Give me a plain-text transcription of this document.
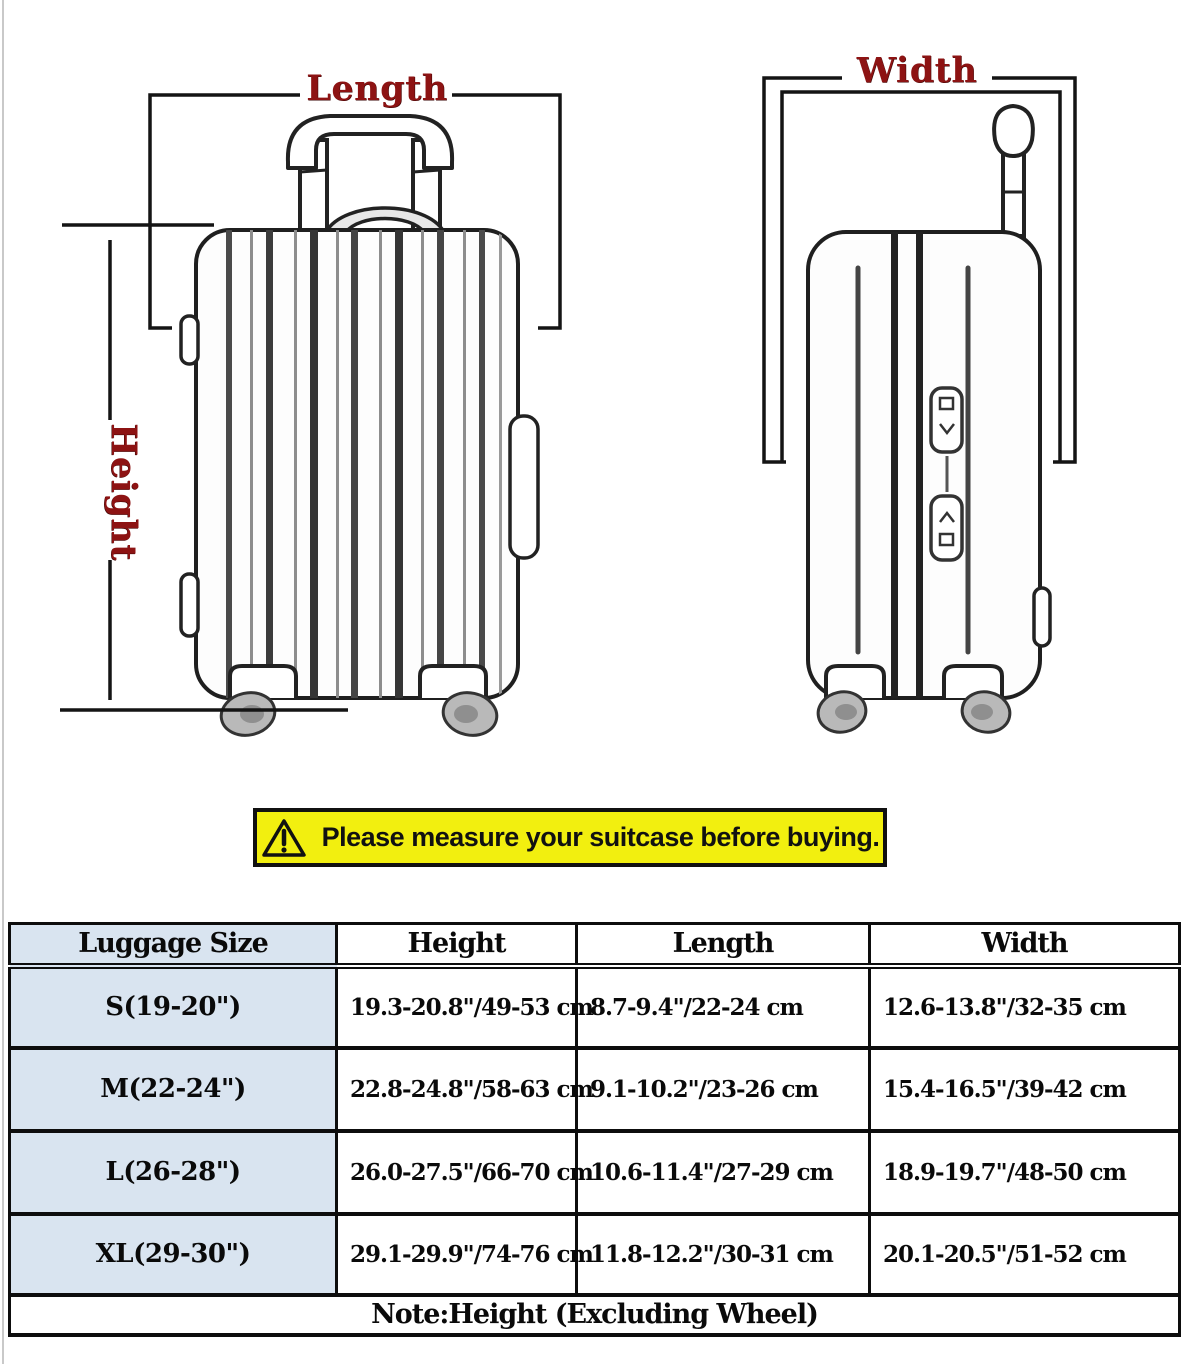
Length	Width
Height
Please measure your suitcase before buying.
Luggage Size	Height	Length	Width
S(19-20")	19.3-20.8"/49-53 cm	8.7-9.4"/22-24 cm	12.6-13.8"/32-35 cm
M(22-24")	22.8-24.8"/58-63 cm	9.1-10.2"/23-26 cm	15.4-16.5"/39-42 cm
L(26-28")	26.0-27.5"/66-70 cm	10.6-11.4"/27-29 cm	18.9-19.7"/48-50 cm
XL(29-30")	29.1-29.9"/74-76 cm	11.8-12.2"/30-31 cm	20.1-20.5"/51-52 cm
Note:Height (Excluding Wheel)			
